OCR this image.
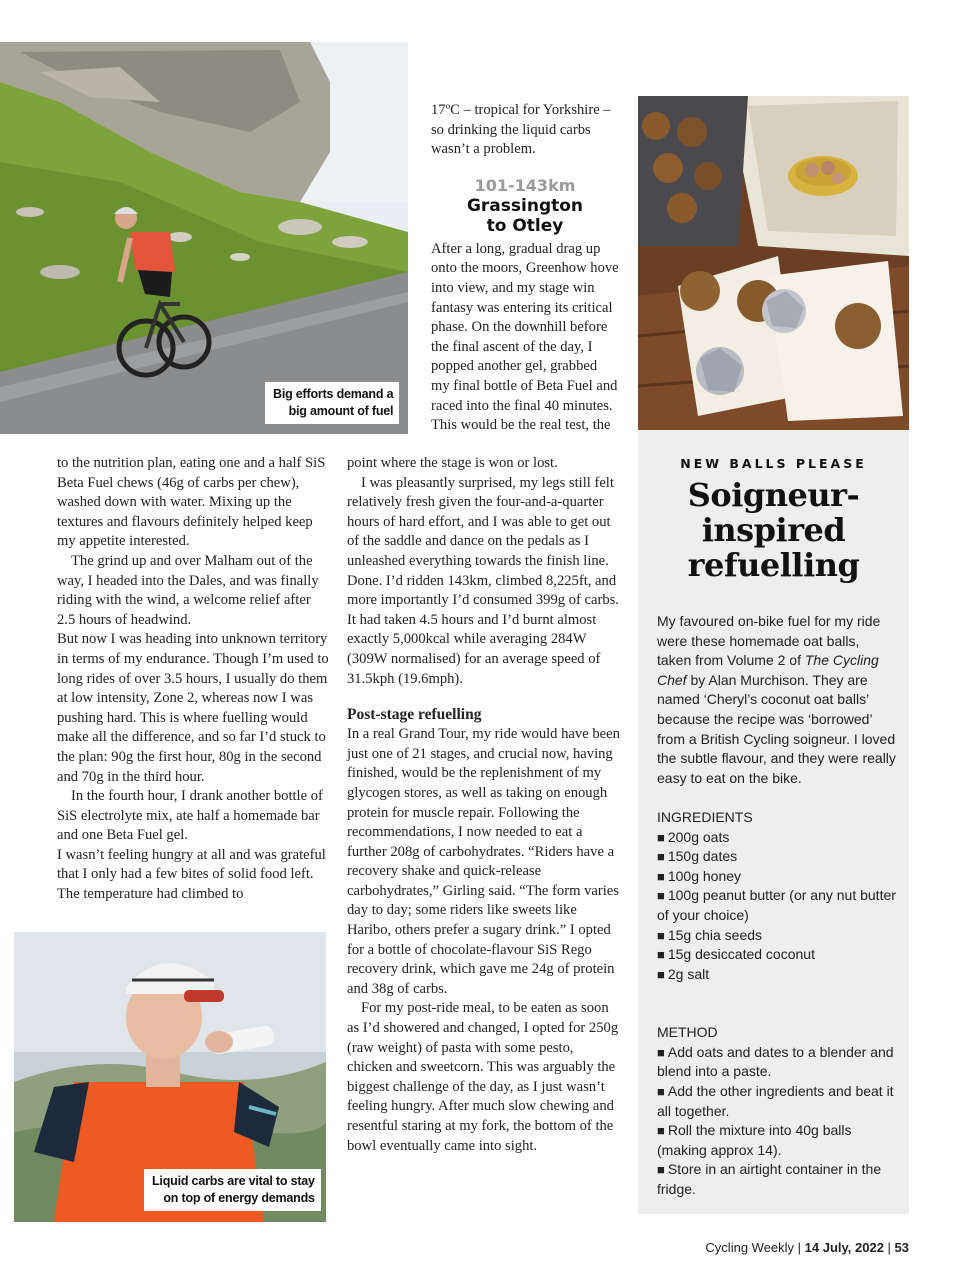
Big efforts demand a
big amount of fuel

17ºC – tropical for Yorkshire – so drinking the liquid carbs wasn’t a problem.

101-143km
Grassington
to Otley

After a long, gradual drag up onto the moors, Greenhow hove into view, and my stage win fantasy was entering its critical phase. On the downhill before the final ascent of the day, I popped another gel, grabbed my final bottle of Beta Fuel and raced into the final 40 minutes. This would be the real test, the

to the nutrition plan, eating one and a half SiS Beta Fuel chews (46g of carbs per chew), washed down with water. Mixing up the textures and flavours definitely helped keep my appetite interested.

The grind up and over Malham out of the way, I headed into the Dales, and was finally riding with the wind, a welcome relief after 2.5 hours of headwind.

But now I was heading into unknown territory in terms of my endurance. Though I’m used to long rides of over 3.5 hours, I usually do them at low intensity, Zone 2, whereas now I was pushing hard. This is where fuelling would make all the difference, and so far I’d stuck to the plan: 90g the first hour, 80g in the second and 70g in the third hour.

In the fourth hour, I drank another bottle of SiS electrolyte mix, ate half a homemade bar and one Beta Fuel gel.

I wasn’t feeling hungry at all and was grateful that I only had a few bites of solid food left. The temperature had climbed to

Liquid carbs are vital to stay
on top of energy demands

point where the stage is won or lost.

I was pleasantly surprised, my legs still felt relatively fresh given the four-and-a-quarter hours of hard effort, and I was able to get out of the saddle and dance on the pedals as I unleashed everything towards the finish line. Done. I’d ridden 143km, climbed 8,225ft, and more importantly I’d consumed 399g of carbs. It had taken 4.5 hours and I’d burnt almost exactly 5,000kcal while averaging 284W (309W normalised) for an average speed of 31.5kph (19.6mph).

Post-stage refuelling

In a real Grand Tour, my ride would have been just one of 21 stages, and crucial now, having finished, would be the replenishment of my glycogen stores, as well as taking on enough protein for muscle repair. Following the recommendations, I now needed to eat a further 208g of carbohydrates. “Riders have a recovery shake and quick-release carbohydrates,” Girling said. “The form varies day to day; some riders like sweets like Haribo, others prefer a sugary drink.” I opted for a bottle of chocolate-flavour SiS Rego recovery drink, which gave me 24g of protein and 38g of carbs.

For my post-ride meal, to be eaten as soon as I’d showered and changed, I opted for 250g (raw weight) of pasta with some pesto, chicken and sweetcorn. This was arguably the biggest challenge of the day, as I just wasn’t feeling hungry. After much slow chewing and resentful staring at my fork, the bottom of the bowl eventually came into sight.

NEW BALLS PLEASE
Soigneur-
inspired
refuelling

My favoured on-bike fuel for my ride were these homemade oat balls, taken from Volume 2 of The Cycling Chef by Alan Murchison. They are named ‘Cheryl’s coconut oat balls’ because the recipe was ‘borrowed’ from a British Cycling soigneur. I loved the subtle flavour, and they were really easy to eat on the bike.

INGREDIENTS

■ 200g oats

■ 150g dates

■ 100g honey

■ 100g peanut butter (or any nut butter of your choice)

■ 15g chia seeds

■ 15g desiccated coconut

■ 2g salt

METHOD

■ Add oats and dates to a blender and blend into a paste.

■ Add the other ingredients and beat it all together.

■ Roll the mixture into 40g balls (making approx 14).

■ Store in an airtight container in the fridge.

Cycling Weekly | 14 July, 2022 | 53
